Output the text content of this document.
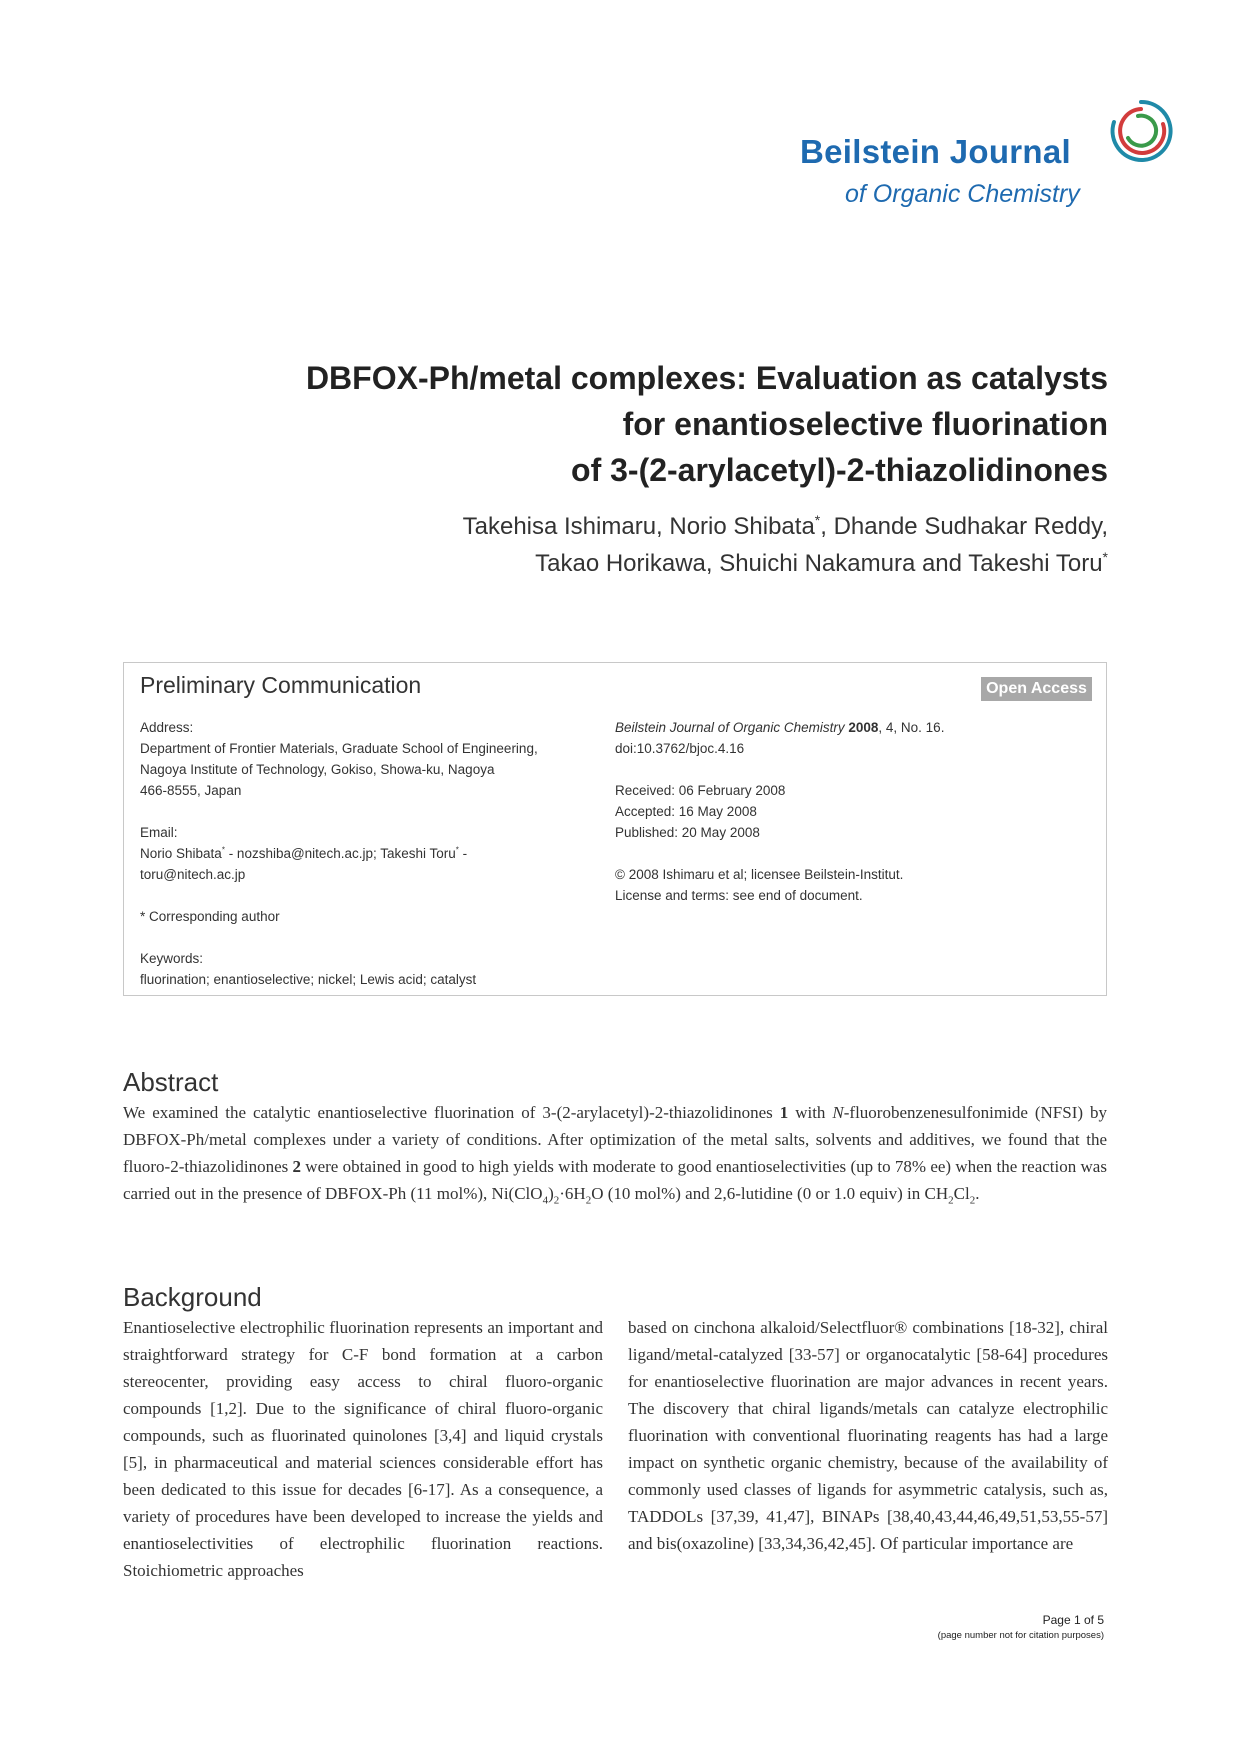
Beilstein Journal
of Organic Chemistry
DBFOX-Ph/metal complexes: Evaluation as catalysts
for enantioselective fluorination
of 3-(2-arylacetyl)-2-thiazolidinones
Takehisa Ishimaru, Norio Shibata*, Dhande Sudhakar Reddy,
Takao Horikawa, Shuichi Nakamura and Takeshi Toru*
Preliminary Communication	Open Access
Address:
Department of Frontier Materials, Graduate School of Engineering,
Nagoya Institute of Technology, Gokiso, Showa-ku, Nagoya
466-8555, Japan
Email:
Norio Shibata* - nozshiba@nitech.ac.jp; Takeshi Toru* -
toru@nitech.ac.jp
* Corresponding author
Keywords:
fluorination; enantioselective; nickel; Lewis acid; catalyst
Beilstein Journal of Organic Chemistry 2008, 4, No. 16.
doi:10.3762/bjoc.4.16
Received: 06 February 2008
Accepted: 16 May 2008
Published: 20 May 2008
© 2008 Ishimaru et al; licensee Beilstein-Institut.
License and terms: see end of document.
Abstract
We examined the catalytic enantioselective fluorination of 3-(2-arylacetyl)-2-thiazolidinones 1 with N-fluorobenzenesulfonimide (NFSI) by DBFOX-Ph/metal complexes under a variety of conditions. After optimization of the metal salts, solvents and additives, we found that the fluoro-2-thiazolidinones 2 were obtained in good to high yields with moderate to good enantioselectivities (up to 78% ee) when the reaction was carried out in the presence of DBFOX-Ph (11 mol%), $Ni(ClO_4)_2\cdot 6H_2O$ (10 mol%) and 2,6-lutidine (0 or 1.0 equiv) in $CH_2Cl_2$.
Background
Enantioselective electrophilic fluorination represents an important and straightforward strategy for C-F bond formation at a carbon stereocenter, providing easy access to chiral fluoro-organic compounds [1,2]. Due to the significance of chiral fluoro-organic compounds, such as fluorinated quinolones [3,4] and liquid crystals [5], in pharmaceutical and material sciences considerable effort has been dedicated to this issue for decades [6-17]. As a consequence, a variety of procedures have been developed to increase the yields and enantioselectivities of electrophilic fluorination reactions. Stoichiometric approaches
based on cinchona alkaloid/Selectfluor® combinations [18-32], chiral ligand/metal-catalyzed [33-57] or organocatalytic [58-64] procedures for enantioselective fluorination are major advances in recent years. The discovery that chiral ligands/metals can catalyze electrophilic fluorination with conventional fluorinating reagents has had a large impact on synthetic organic chemistry, because of the availability of commonly used classes of ligands for asymmetric catalysis, such as, TADDOLs [37,39, 41,47], BINAPs [38,40,43,44,46,49,51,53,55-57] and bis(oxazoline) [33,34,36,42,45]. Of particular importance are
Page 1 of 5
(page number not for citation purposes)
